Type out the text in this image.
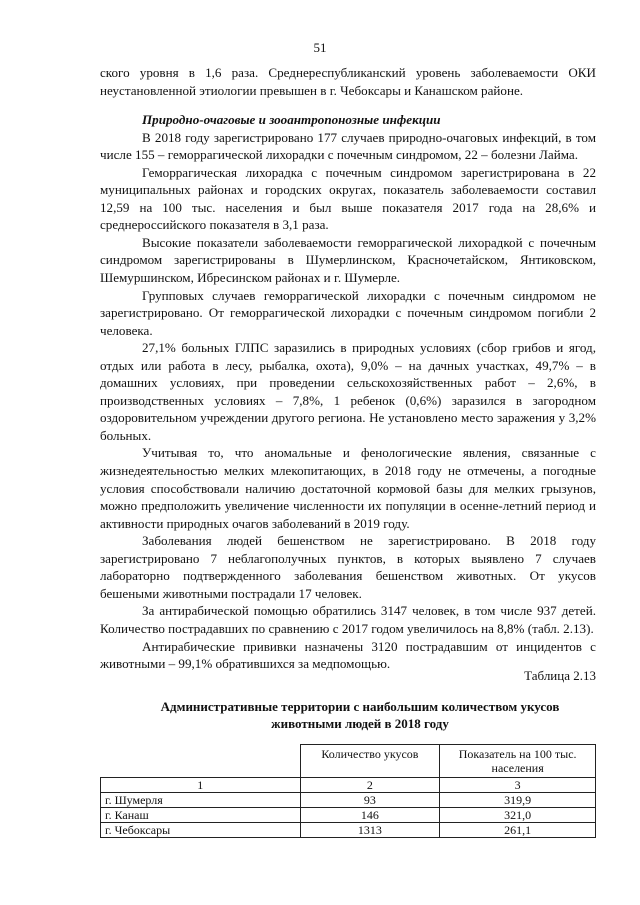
51

ского уровня в 1,6 раза. Среднереспубликанский уровень заболеваемости ОКИ неустановленной этиологии превышен в г. Чебоксары и Канашском районе.

Природно-очаговые и зооантропонозные инфекции

В 2018 году зарегистрировано 177 случаев природно-очаговых инфекций, в том числе 155 – геморрагической лихорадки с почечным синдромом, 22 – болезни Лайма.

Геморрагическая лихорадка с почечным синдромом зарегистрирована в 22 муниципальных районах и городских округах, показатель заболеваемости составил 12,59 на 100 тыс. населения и был выше показателя 2017 года на 28,6% и среднероссийского показателя в 3,1 раза.

Высокие показатели заболеваемости геморрагической лихорадкой с почечным синдромом зарегистрированы в Шумерлинском, Красночетайском, Янтиковском, Шемуршинском, Ибресинском районах и г. Шумерле.

Групповых случаев геморрагической лихорадки с почечным синдромом не зарегистрировано. От геморрагической лихорадки с почечным синдромом погибли 2 человека.

27,1% больных ГЛПС заразились в природных условиях (сбор грибов и ягод, отдых или работа в лесу, рыбалка, охота), 9,0% – на дачных участках, 49,7% – в домашних условиях, при проведении сельскохозяйственных работ – 2,6%, в производственных условиях – 7,8%, 1 ребенок (0,6%) заразился в загородном оздоровительном учреждении другого региона. Не установлено место заражения у 3,2% больных.

Учитывая то, что аномальные и фенологические явления, связанные с жизнедеятельностью мелких млекопитающих, в 2018 году не отмечены, а погодные условия способствовали наличию достаточной кормовой базы для мелких грызунов, можно предположить увеличение численности их популяции в осенне-летний период и активности природных очагов заболеваний в 2019 году.

Заболевания людей бешенством не зарегистрировано. В 2018 году зарегистрировано 7 неблагополучных пунктов, в которых выявлено 7 случаев лабораторно подтвержденного заболевания бешенством животных. От укусов бешеными животными пострадали 17 человек.

За антирабической помощью обратились 3147 человек, в том числе 937 детей. Количество пострадавших по сравнению с 2017 годом увеличилось на 8,8% (табл. 2.13).

Антирабические прививки назначены 3120 пострадавшим от инцидентов с животными – 99,1% обратившихся за медпомощью.

Таблица 2.13
Административные территории с наибольшим количеством укусов животными людей в 2018 году
	Количество укусов	Показатель на 100 тыс. населения
1	2	3
г. Шумерля	93	319,9
г. Канаш	146	321,0
г. Чебоксары	1313	261,1
